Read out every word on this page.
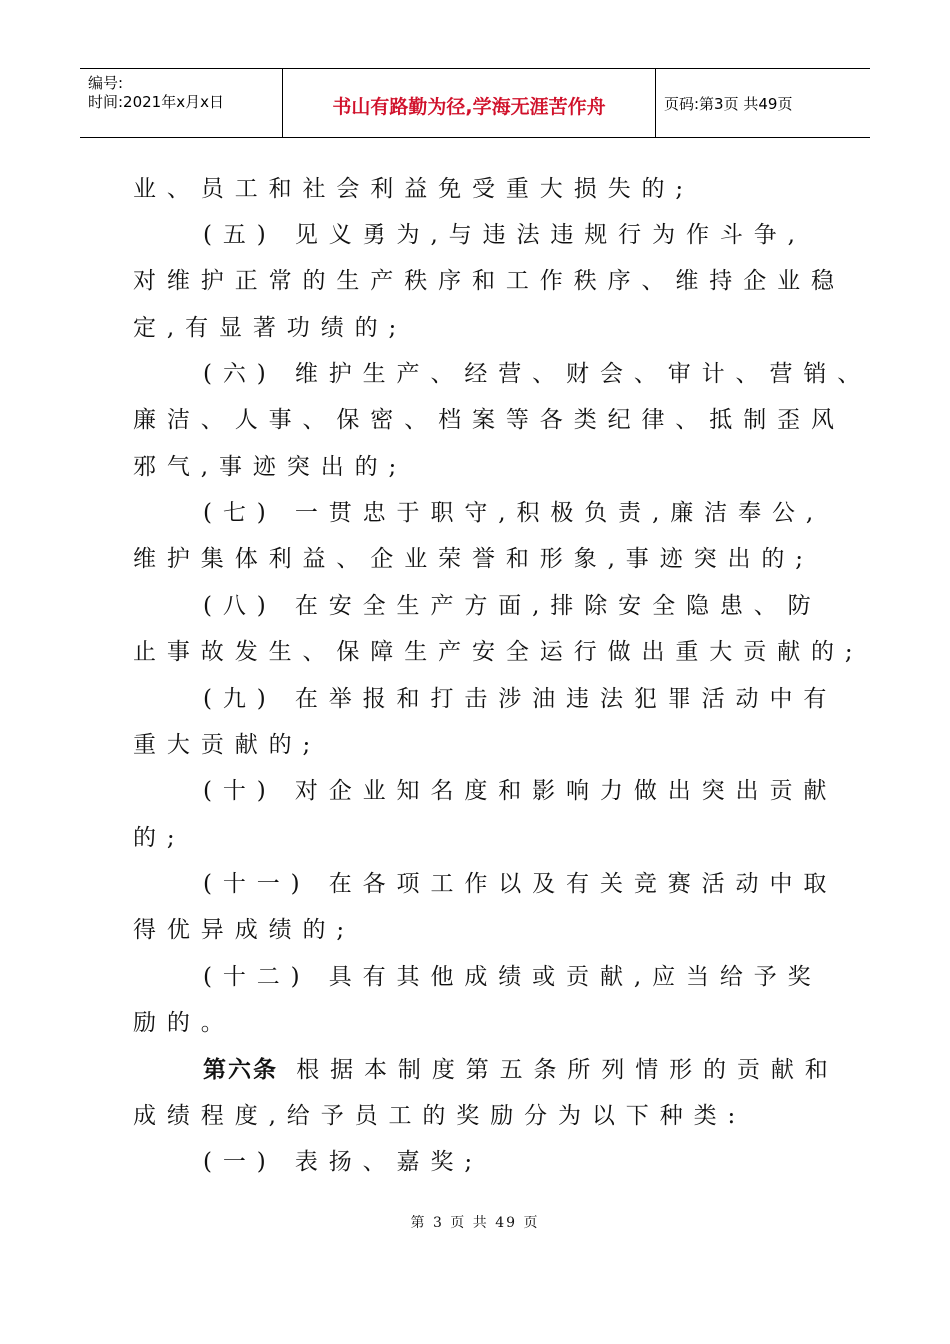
编号:
时间:2021年x月x日	书山有路勤为径,学海无涯苦作舟	页码:第3页 共49页
业、员工和社会利益免受重大损失的;
(五) 见义勇为,与违法违规行为作斗争,
对维护正常的生产秩序和工作秩序、维持企业稳
定,有显著功绩的;
(六) 维护生产、经营、财会、审计、营销、
廉洁、人事、保密、档案等各类纪律、抵制歪风
邪气,事迹突出的;
(七) 一贯忠于职守,积极负责,廉洁奉公,
维护集体利益、企业荣誉和形象,事迹突出的;
(八) 在安全生产方面,排除安全隐患、防
止事故发生、保障生产安全运行做出重大贡献的;
(九) 在举报和打击涉油违法犯罪活动中有
重大贡献的;
(十) 对企业知名度和影响力做出突出贡献
的;
(十一) 在各项工作以及有关竞赛活动中取
得优异成绩的;
(十二) 具有其他成绩或贡献,应当给予奖
励的。
第六条 根据本制度第五条所列情形的贡献和
成绩程度,给予员工的奖励分为以下种类:
(一) 表扬、嘉奖;
第 3 页 共 49 页
